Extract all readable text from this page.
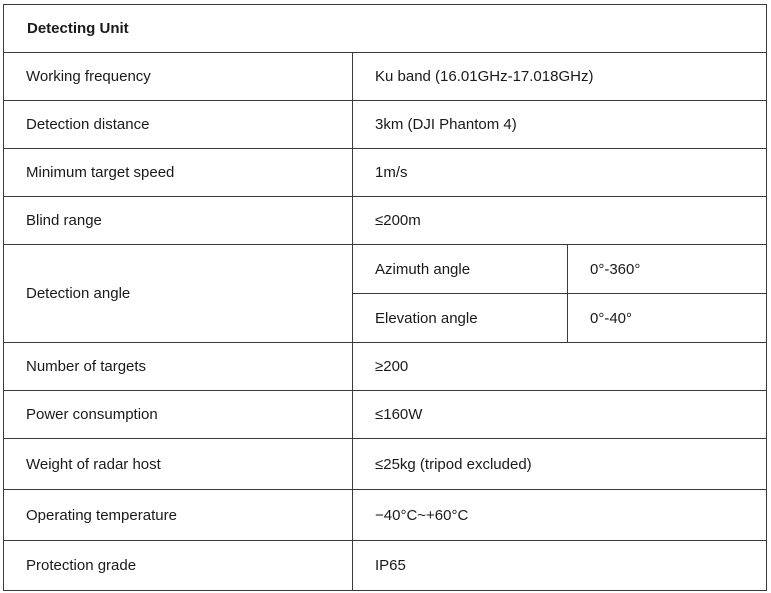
Detecting Unit		
Working frequency	Ku band (16.01GHz-17.018GHz)	
Detection distance	3km (DJI Phantom 4)	
Minimum target speed	1m/s	
Blind range	≤200m	
Detection angle	Azimuth angle	0°-360°
	Elevation angle	0°-40°
Number of targets	≥200	
Power consumption	≤160W	
Weight of radar host	≤25kg (tripod excluded)	
Operating temperature	−40°C~+60°C	
Protection grade	IP65	
